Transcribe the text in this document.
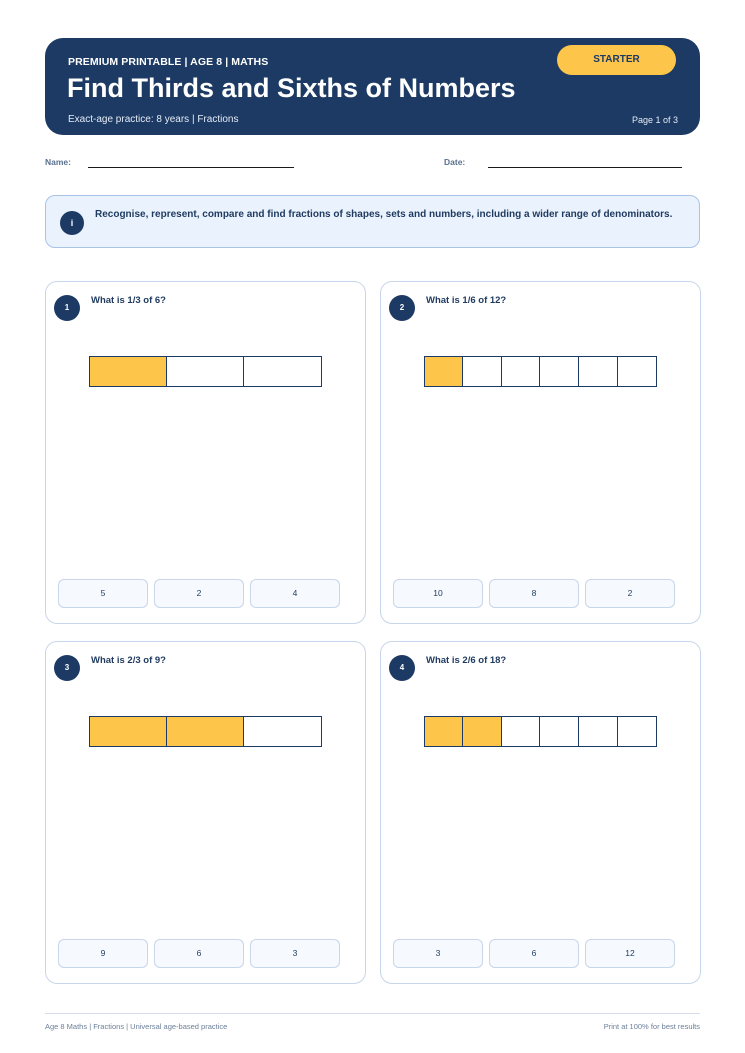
PREMIUM PRINTABLE | AGE 8 | MATHS
Find Thirds and Sixths of Numbers
Exact-age practice: 8 years | Fractions	Page 1 of 3
STARTER
Name:	Date:
i
Recognise, represent, compare and find fractions of shapes, sets and numbers, including a wider range of denominators.
1
What is 1/3 of 6?
5	2	4
2
What is 1/6 of 12?
10	8	2
3
What is 2/3 of 9?
9	6	3
4
What is 2/6 of 18?
3	6	12
Age 8 Maths | Fractions | Universal age-based practice	Print at 100% for best results
